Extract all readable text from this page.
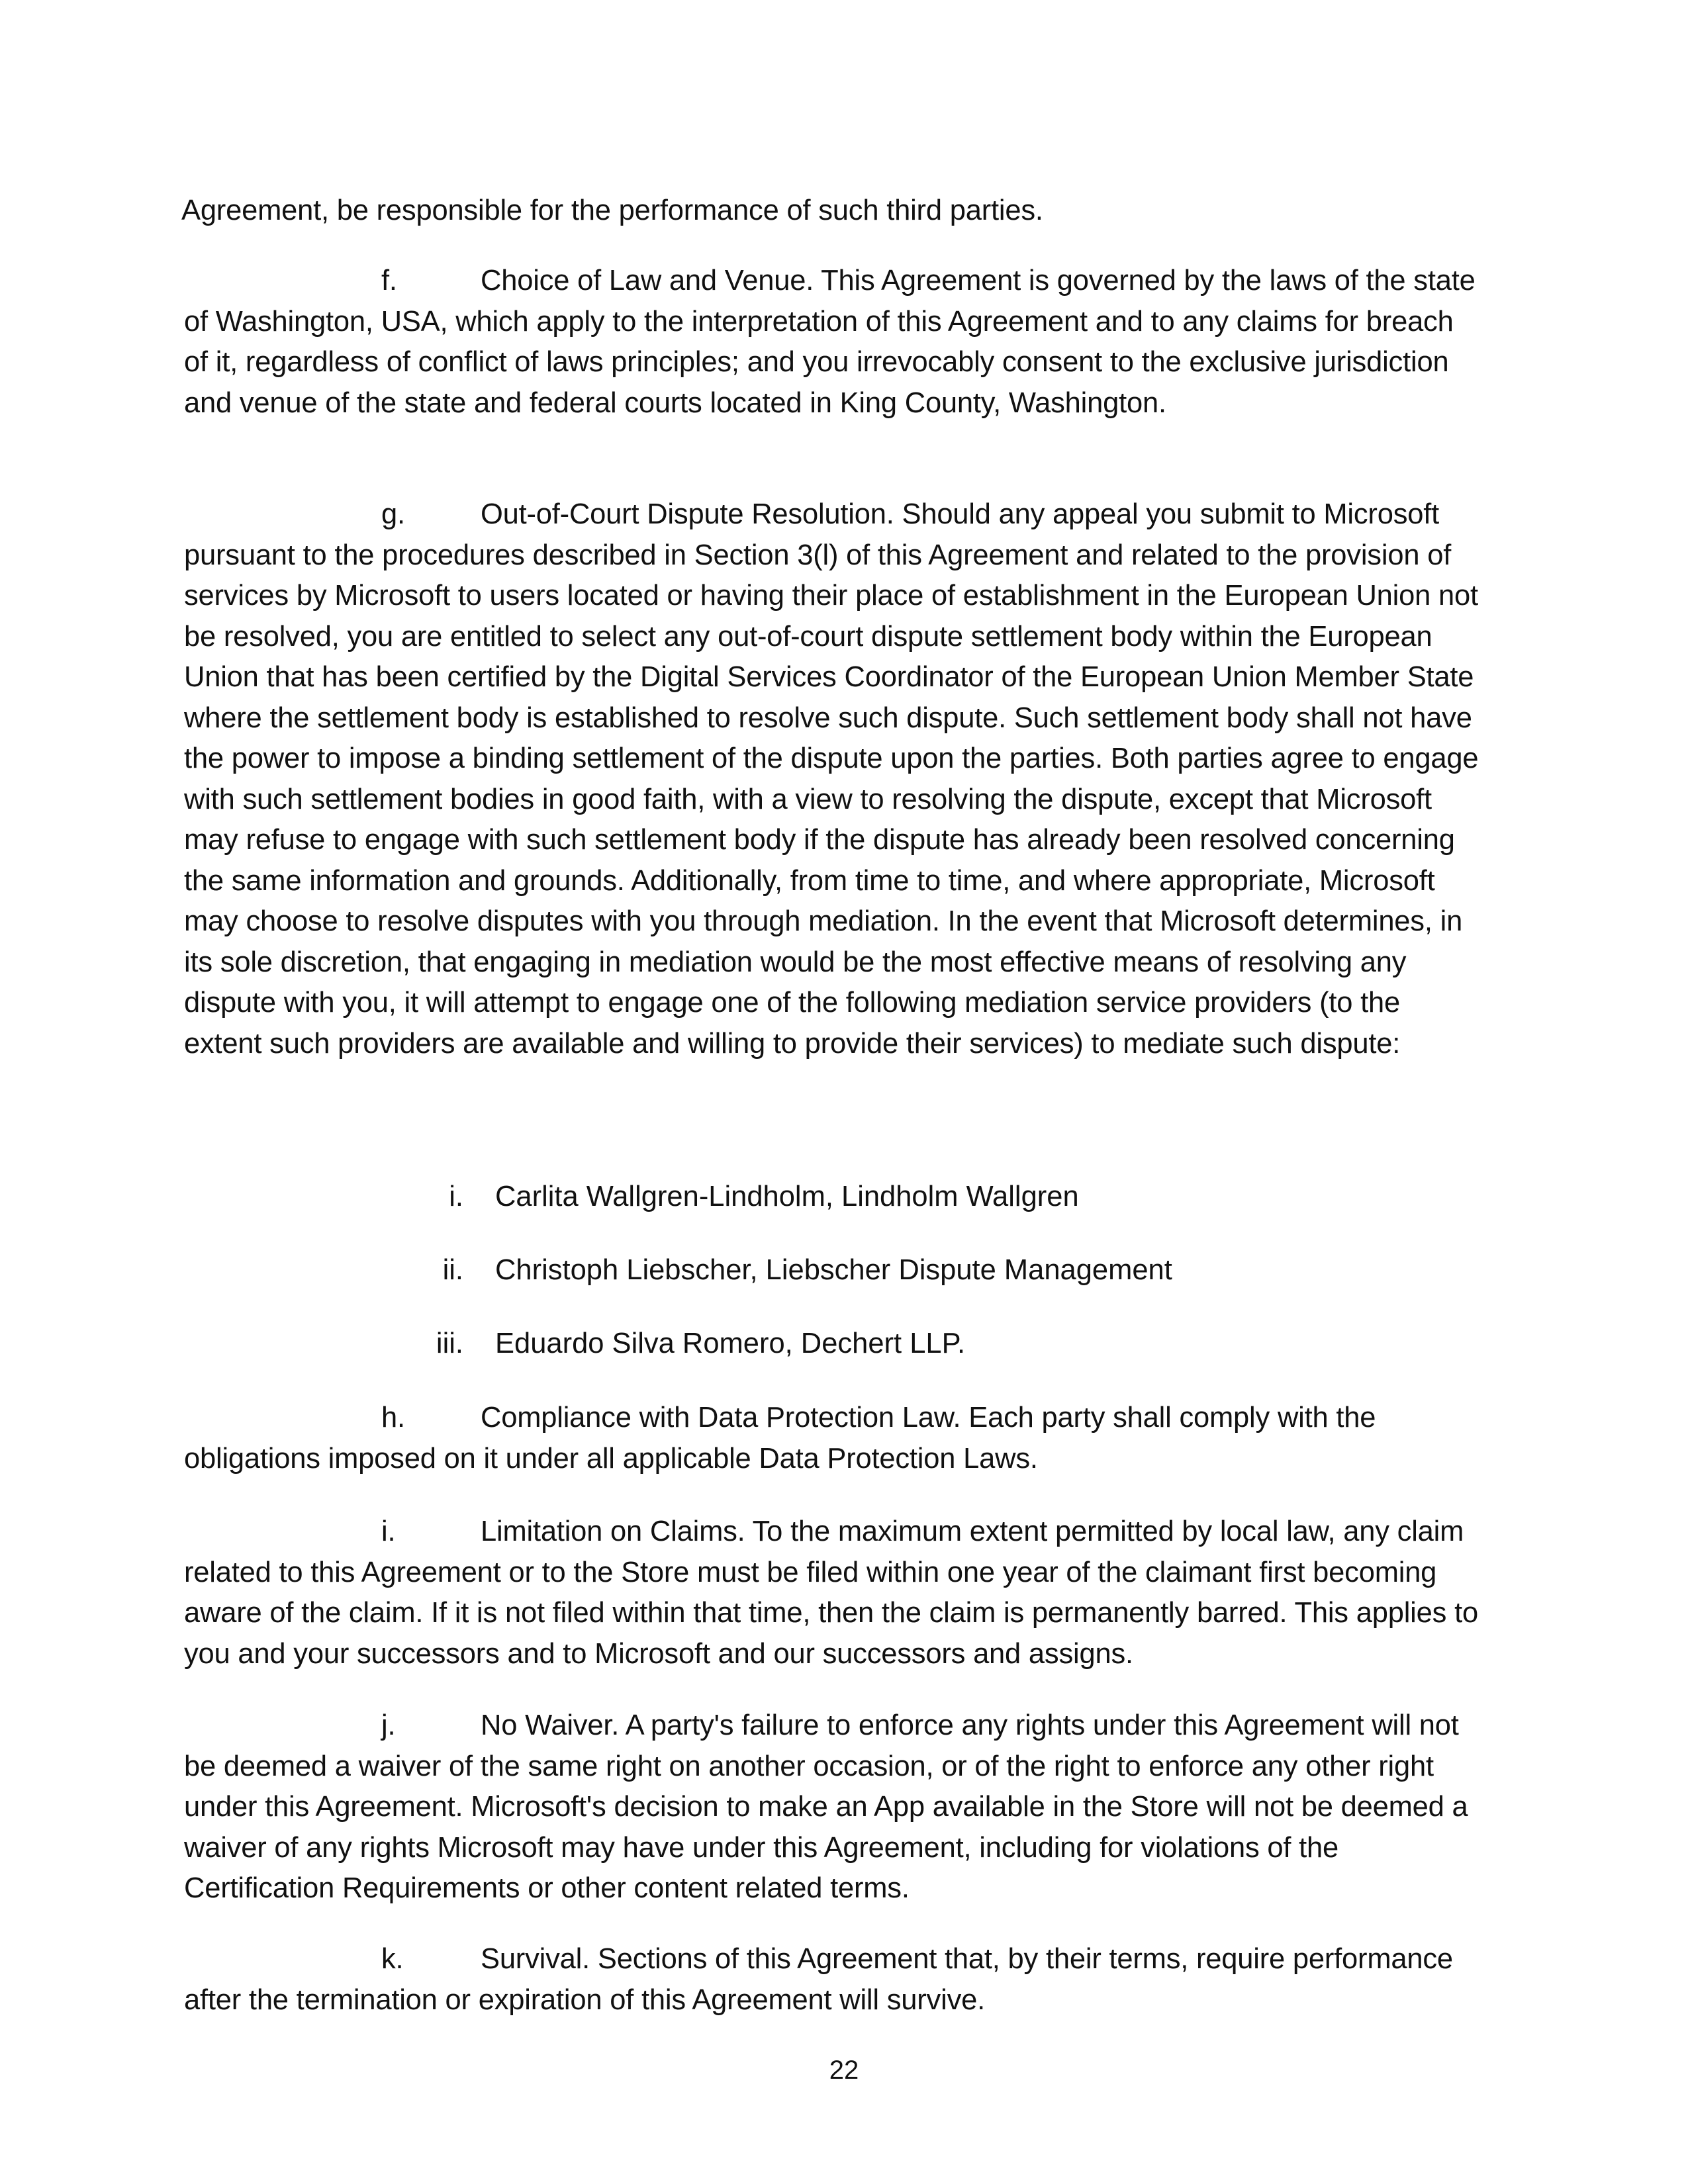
Agreement, be responsible for the performance of such third parties.
f.	Choice of Law and Venue. This Agreement is governed by the laws of the state of Washington, USA, which apply to the interpretation of this Agreement and to any claims for breach of it, regardless of conflict of laws principles; and you irrevocably consent to the exclusive jurisdiction and venue of the state and federal courts located in King County, Washington.
g.	Out-of-Court Dispute Resolution. Should any appeal you submit to Microsoft pursuant to the procedures described in Section 3(l) of this Agreement and related to the provision of services by Microsoft to users located or having their place of establishment in the European Union not be resolved, you are entitled to select any out-of-court dispute settlement body within the European Union that has been certified by the Digital Services Coordinator of the European Union Member State where the settlement body is established to resolve such dispute. Such settlement body shall not have the power to impose a binding settlement of the dispute upon the parties. Both parties agree to engage with such settlement bodies in good faith, with a view to resolving the dispute, except that Microsoft may refuse to engage with such settlement body if the dispute has already been resolved concerning the same information and grounds. Additionally, from time to time, and where appropriate, Microsoft may choose to resolve disputes with you through mediation. In the event that Microsoft determines, in its sole discretion, that engaging in mediation would be the most effective means of resolving any dispute with you, it will attempt to engage one of the following mediation service providers (to the extent such providers are available and willing to provide their services) to mediate such dispute:
i. Carlita Wallgren-Lindholm, Lindholm Wallgren
ii. Christoph Liebscher, Liebscher Dispute Management
iii. Eduardo Silva Romero, Dechert LLP.
h.	Compliance with Data Protection Law. Each party shall comply with the obligations imposed on it under all applicable Data Protection Laws.
i.	Limitation on Claims. To the maximum extent permitted by local law, any claim related to this Agreement or to the Store must be filed within one year of the claimant first becoming aware of the claim. If it is not filed within that time, then the claim is permanently barred. This applies to you and your successors and to Microsoft and our successors and assigns.
j.	No Waiver. A party's failure to enforce any rights under this Agreement will not be deemed a waiver of the same right on another occasion, or of the right to enforce any other right under this Agreement. Microsoft's decision to make an App available in the Store will not be deemed a waiver of any rights Microsoft may have under this Agreement, including for violations of the Certification Requirements or other content related terms.
k.	Survival. Sections of this Agreement that, by their terms, require performance after the termination or expiration of this Agreement will survive.
22
